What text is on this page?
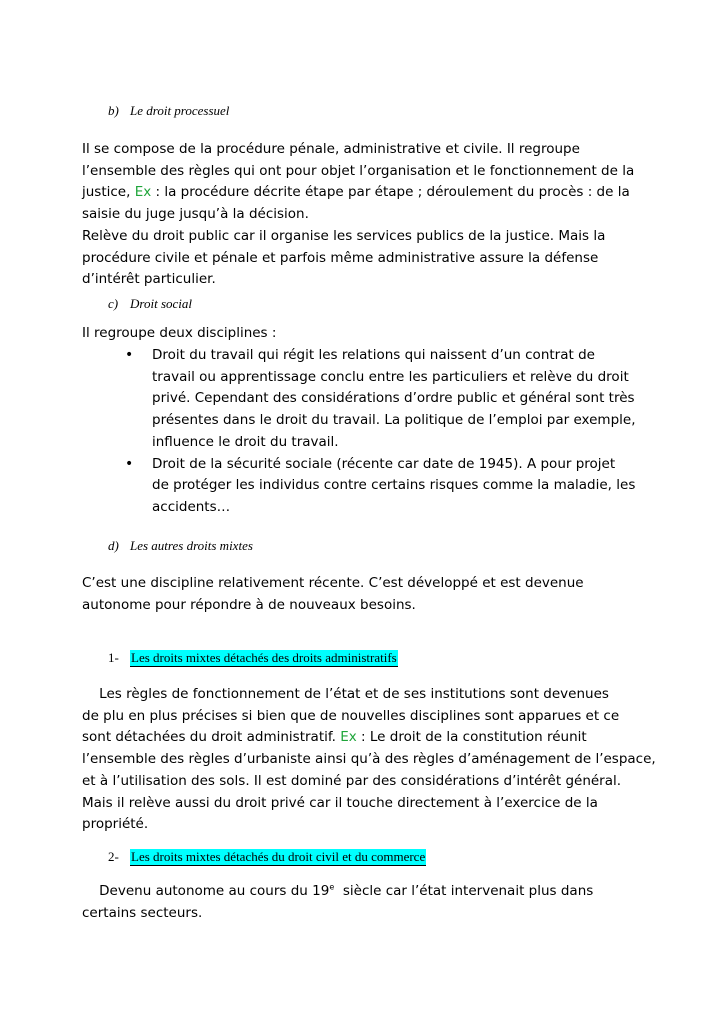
b) Le droit processuel
Il se compose de la procédure pénale, administrative et civile. Il regroupe
l’ensemble des règles qui ont pour objet l’organisation et le fonctionnement de la
justice, Ex : la procédure décrite étape par étape ; déroulement du procès : de la
saisie du juge jusqu’à la décision.
Relève du droit public car il organise les services publics de la justice. Mais la
procédure civile et pénale et parfois même administrative assure la défense
d’intérêt particulier.
c) Droit social
Il regroupe deux disciplines :
• Droit du travail qui régit les relations qui naissent d’un contrat de
travail ou apprentissage conclu entre les particuliers et relève du droit
privé. Cependant des considérations d’ordre public et général sont très
présentes dans le droit du travail. La politique de l’emploi par exemple,
influence le droit du travail.
• Droit de la sécurité sociale (récente car date de 1945). A pour projet
de protéger les individus contre certains risques comme la maladie, les
accidents…
d) Les autres droits mixtes
C’est une discipline relativement récente. C’est développé et est devenue
autonome pour répondre à de nouveaux besoins.
1- Les droits mixtes détachés des droits administratifs
Les règles de fonctionnement de l’état et de ses institutions sont devenues
de plu en plus précises si bien que de nouvelles disciplines sont apparues et ce
sont détachées du droit administratif. Ex : Le droit de la constitution réunit
l’ensemble des règles d’urbaniste ainsi qu’à des règles d’aménagement de l’espace,
et à l’utilisation des sols. Il est dominé par des considérations d’intérêt général.
Mais il relève aussi du droit privé car il touche directement à l’exercice de la
propriété.
2- Les droits mixtes détachés du droit civil et du commerce
Devenu autonome au cours du 19e  siècle car l’état intervenait plus dans
certains secteurs.
